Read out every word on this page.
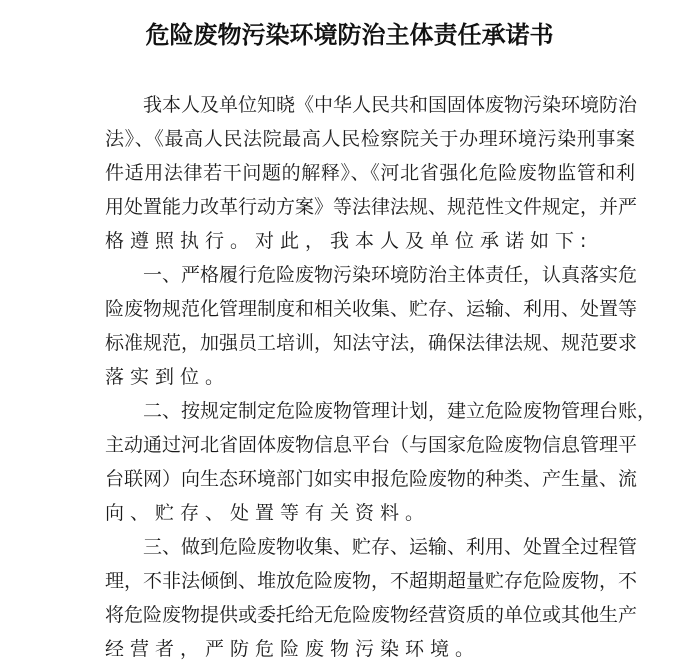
危险废物污染环境防治主体责任承诺书
我本人及单位知晓《中华人民共和国固体废物污染环境防治
法》、《最高人民法院最高人民检察院关于办理环境污染刑事案
件适用法律若干问题的解释》、《河北省强化危险废物监管和利
用处置能力改革行动方案》等法律法规、规范性文件规定，并严
格遵照执行。对此，我本人及单位承诺如下:
一、严格履行危险废物污染环境防治主体责任，认真落实危
险废物规范化管理制度和相关收集、贮存、运输、利用、处置等
标准规范，加强员工培训，知法守法，确保法律法规、规范要求
落实到位。
二、按规定制定危险废物管理计划，建立危险废物管理台账，
主动通过河北省固体废物信息平台（与国家危险废物信息管理平
台联网）向生态环境部门如实申报危险废物的种类、产生量、流
向、贮存、处置等有关资料。
三、做到危险废物收集、贮存、运输、利用、处置全过程管
理，不非法倾倒、堆放危险废物，不超期超量贮存危险废物，不
将危险废物提供或委托给无危险废物经营资质的单位或其他生产
经营者，严防危险废物污染环境。
